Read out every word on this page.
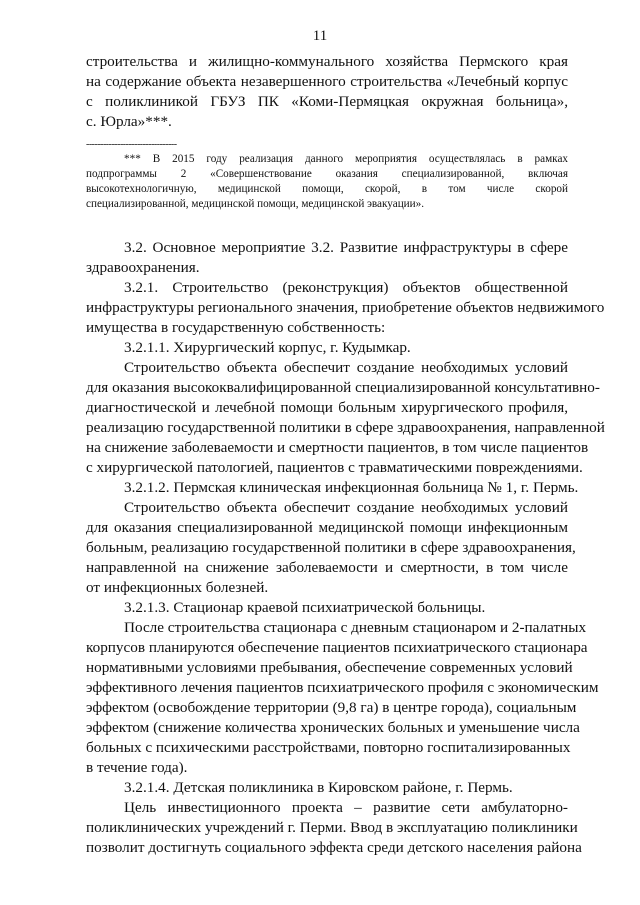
11
строительства и жилищно-коммунального хозяйства Пермского края
на содержание объекта незавершенного строительства «Лечебный корпус
с поликлиникой ГБУЗ ПК «Коми-Пермяцкая окружная больница»,
с. Юрла»***.
--------------------------------
*** В 2015 году реализация данного мероприятия осуществлялась в рамках
подпрограммы 2 «Совершенствование оказания специализированной, включая
высокотехнологичную, медицинской помощи, скорой, в том числе скорой
специализированной, медицинской помощи, медицинской эвакуации».
3.2. Основное мероприятие 3.2. Развитие инфраструктуры в сфере
здравоохранения.
3.2.1. Строительство (реконструкция) объектов общественной
инфраструктуры регионального значения, приобретение объектов недвижимого
имущества в государственную собственность:
3.2.1.1. Хирургический корпус, г. Кудымкар.
Строительство объекта обеспечит создание необходимых условий
для оказания высококвалифицированной специализированной консультативно-
диагностической и лечебной помощи больным хирургического профиля,
реализацию государственной политики в сфере здравоохранения, направленной
на снижение заболеваемости и смертности пациентов, в том числе пациентов
с хирургической патологией, пациентов с травматическими повреждениями.
3.2.1.2. Пермская клиническая инфекционная больница № 1, г. Пермь.
Строительство объекта обеспечит создание необходимых условий
для оказания специализированной медицинской помощи инфекционным
больным, реализацию государственной политики в сфере здравоохранения,
направленной на снижение заболеваемости и смертности, в том числе
от инфекционных болезней.
3.2.1.3. Стационар краевой психиатрической больницы.
После строительства стационара с дневным стационаром и 2-палатных
корпусов планируются обеспечение пациентов психиатрического стационара
нормативными условиями пребывания, обеспечение современных условий
эффективного лечения пациентов психиатрического профиля с экономическим
эффектом (освобождение территории (9,8 га) в центре города), социальным
эффектом (снижение количества хронических больных и уменьшение числа
больных с психическими расстройствами, повторно госпитализированных
в течение года).
3.2.1.4. Детская поликлиника в Кировском районе, г. Пермь.
Цель инвестиционного проекта – развитие сети амбулаторно-
поликлинических учреждений г. Перми. Ввод в эксплуатацию поликлиники
позволит достигнуть социального эффекта среди детского населения района
